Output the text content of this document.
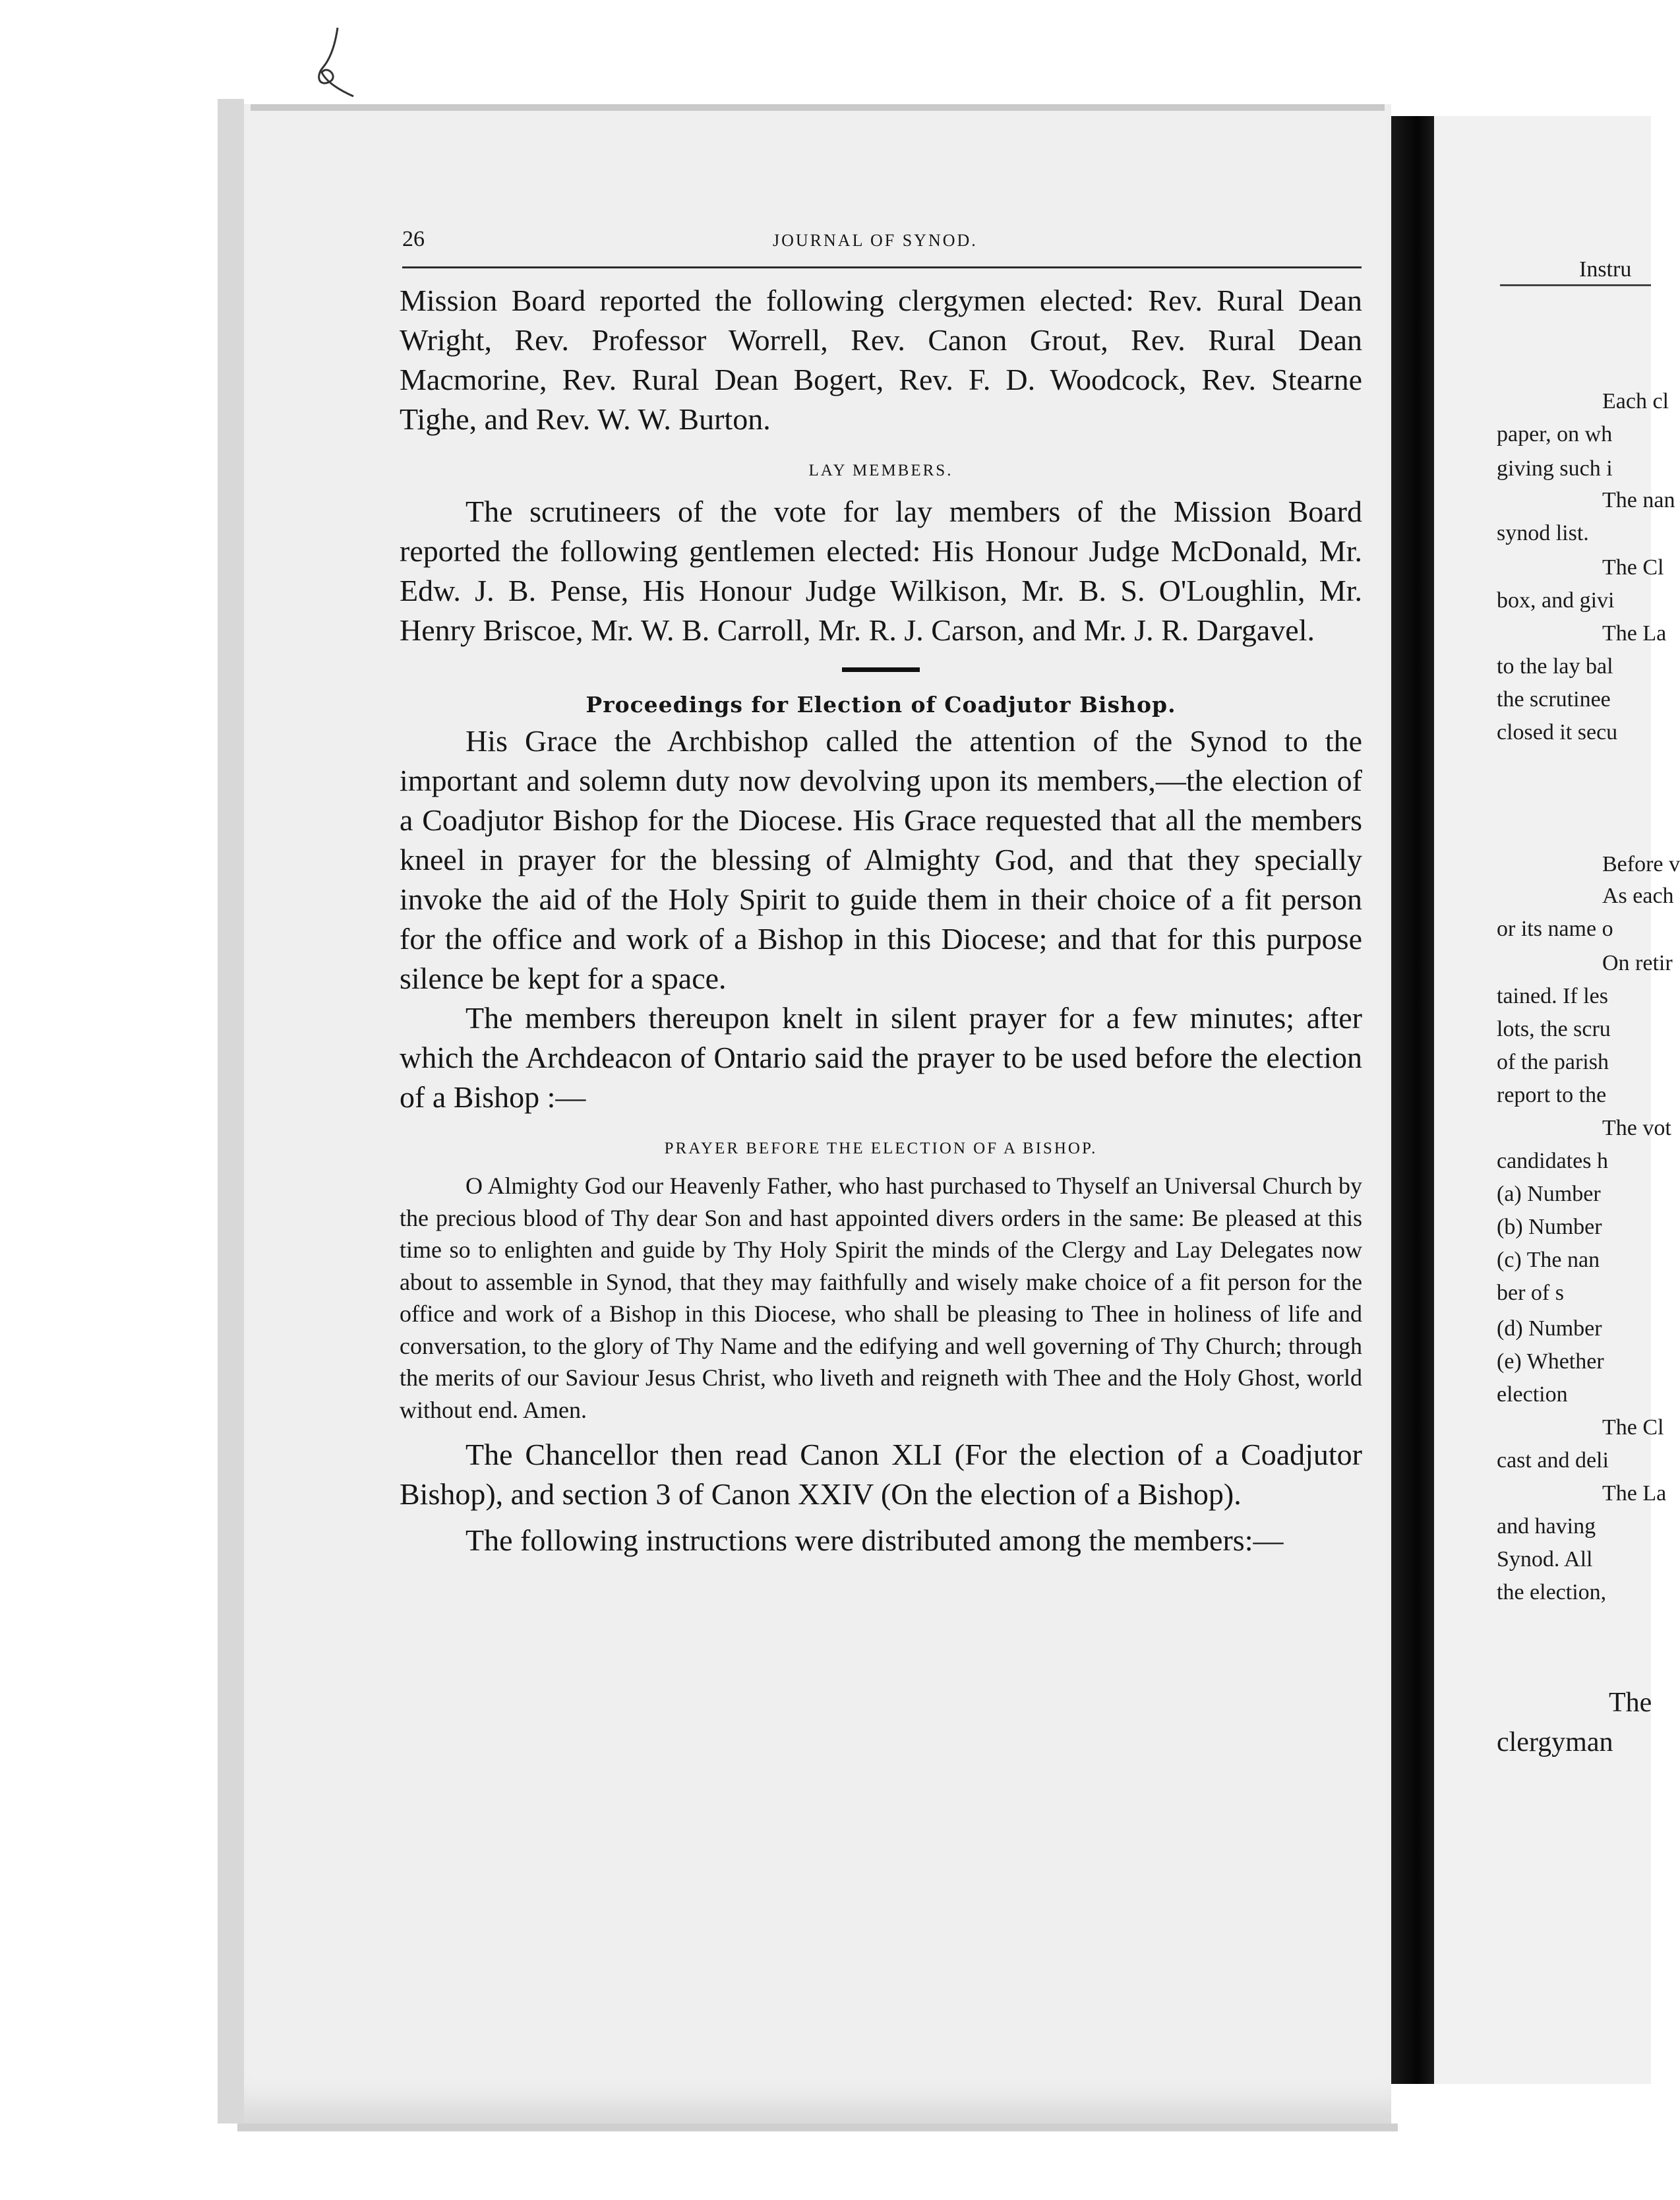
26	JOURNAL OF SYNOD.

Mission Board reported the following clergymen elected: Rev. Rural Dean Wright, Rev. Professor Worrell, Rev. Canon Grout, Rev. Rural Dean Macmorine, Rev. Rural Dean Bogert, Rev. F. D. Woodcock, Rev. Stearne Tighe, and Rev. W. W. Burton.

LAY MEMBERS.

The scrutineers of the vote for lay members of the Mission Board reported the following gentlemen elected: His Honour Judge McDonald, Mr. Edw. J. B. Pense, His Honour Judge Wilkison, Mr. B. S. O'Loughlin, Mr. Henry Briscoe, Mr. W. B. Carroll, Mr. R. J. Carson, and Mr. J. R. Dargavel.

Proceedings for Election of Coadjutor Bishop.

His Grace the Archbishop called the attention of the Synod to the important and solemn duty now devolving upon its members,—the election of a Coadjutor Bishop for the Diocese. His Grace requested that all the members kneel in prayer for the blessing of Almighty God, and that they specially invoke the aid of the Holy Spirit to guide them in their choice of a fit person for the office and work of a Bishop in this Diocese; and that for this purpose silence be kept for a space.

The members thereupon knelt in silent prayer for a few minutes; after which the Archdeacon of Ontario said the prayer to be used before the election of a Bishop :—

PRAYER BEFORE THE ELECTION OF A BISHOP.

O Almighty God our Heavenly Father, who hast purchased to Thyself an Universal Church by the precious blood of Thy dear Son and hast appointed divers orders in the same: Be pleased at this time so to enlighten and guide by Thy Holy Spirit the minds of the Clergy and Lay Delegates now about to assemble in Synod, that they may faithfully and wisely make choice of a fit person for the office and work of a Bishop in this Diocese, who shall be pleasing to Thee in holiness of life and conversation, to the glory of Thy Name and the edifying and well governing of Thy Church; through the merits of our Saviour Jesus Christ, who liveth and reigneth with Thee and the Holy Ghost, world without end. Amen.

The Chancellor then read Canon XLI (For the election of a Coadjutor Bishop), and section 3 of Canon XXIV (On the election of a Bishop).

The following instructions were distributed among the members:—

Instru
Each cl
paper, on wh
giving such i
The nan
synod list.
The Cl
box, and givi
The La
to the lay bal
the scrutinee
closed it secu
Before v
As each
or its name o
On retir
tained. If les
lots, the scru
of the parish
report to the
The vot
candidates h
(a) Number
(b) Number
(c) The nan
ber of s
(d) Number
(e) Whether
election
The Cl
cast and deli
The La
and having
Synod. All
the election,
The
clergyman
